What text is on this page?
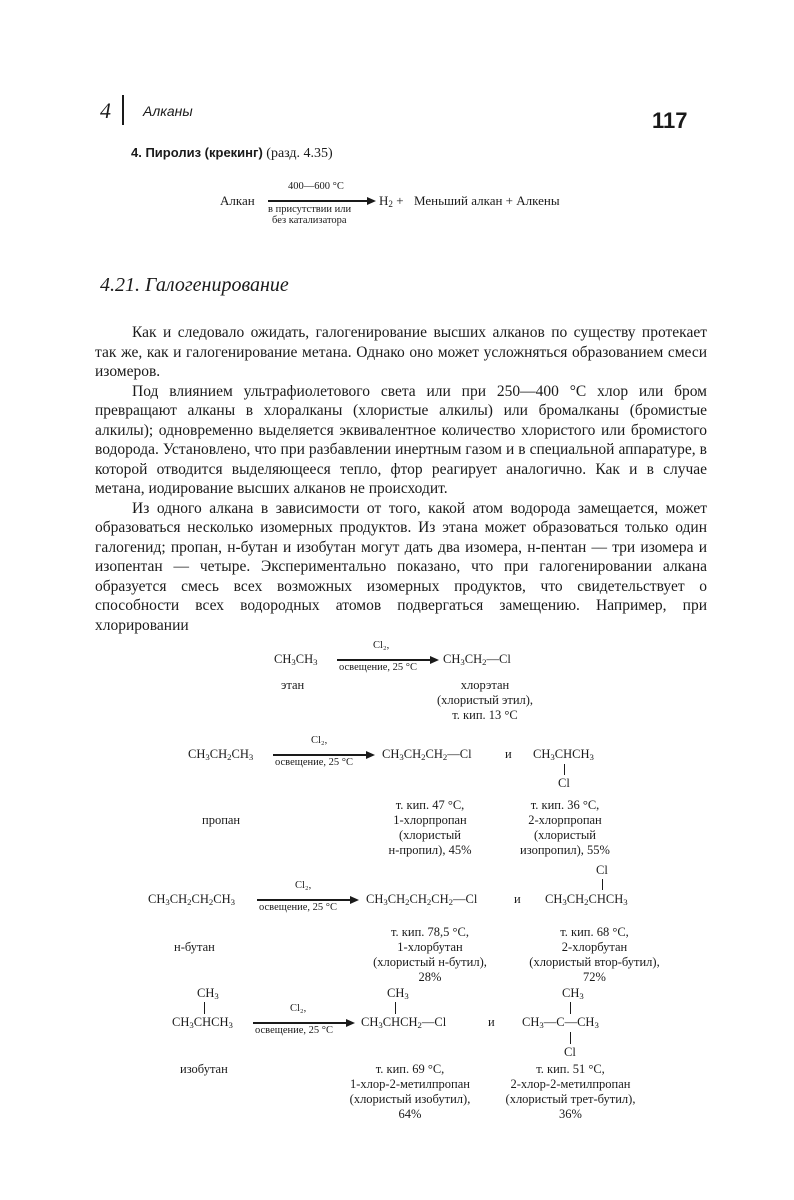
4 Алканы	117
4. Пиролиз (крекинг) (разд. 4.35)
Алкан
400—600 °С
в присутствии или
без катализатора
$H_2$ + Меньший алкан + Алкены
4.21. Галогенирование

Как и следовало ожидать, галогенирование высших алканов по существу протекает так же, как и галогенирование метана. Однако оно может усложняться образованием смеси изомеров.

Под влиянием ультрафиолетового света или при 250—400 °С хлор или бром превращают алканы в хлоралканы (хлористые алкилы) или бромалканы (бромистые алкилы); одновременно выделяется эквивалентное количество хлористого или бромистого водорода. Установлено, что при разбавлении инертным газом и в специальной аппаратуре, в которой отводится выделяющееся тепло, фтор реагирует аналогично. Как и в случае метана, иодирование высших алканов не происходит.

Из одного алкана в зависимости от того, какой атом водорода замещается, может образоваться несколько изомерных продуктов. Из этана может образоваться только один галогенид; пропан, н-бутан и изобутан могут дать два изомера, н-пентан — три изомера и изопентан — четыре. Экспериментально показано, что при галогенировании алкана образуется смесь всех возможных изомерных продуктов, что свидетельствует о способности всех водородных атомов подвергаться замещению. Например, при хлорировании

$CH_3CH_3$
Cl₂,
освещение, 25 °С
$CH_3CH_2—Cl$
этан	хлорэтан
(хлористый этил),
т. кип. 13 °С
$CH_3CH_2CH_3$
Cl₂,
освещение, 25 °С
$CH_3CH_2CH_2—Cl$	и $CH_3CHCH_3$
Cl
пропан
т. кип. 47 °С,
1-хлорпропан
(хлористый
н-пропил), 45%
т. кип. 36 °С,
2-хлорпропан
(хлористый
изопропил), 55%
Cl
$CH_3CH_2CH_2CH_3$
Cl₂,
освещение, 25 °С
$CH_3CH_2CH_2CH_2—Cl$	и $CH_3CH_2CHCH_3$
н-бутан
т. кип. 78,5 °С,
1-хлорбутан
(хлористый н-бутил),
28%
т. кип. 68 °С,
2-хлорбутан
(хлористый втор-бутил),
72%
$CH_3$
$CH_3CHCH_3$
Cl₂,
освещение, 25 °С
$CH_3$
$CH_3CHCH_2—Cl$	и
$CH_3$
$CH_3—C—CH_3$
Cl
изобутан	т. кип. 69 °С,
1-хлор-2-метилпропан
(хлористый изобутил),
64%
т. кип. 51 °С,
2-хлор-2-метилпропан
(хлористый трет-бутил),
36%
